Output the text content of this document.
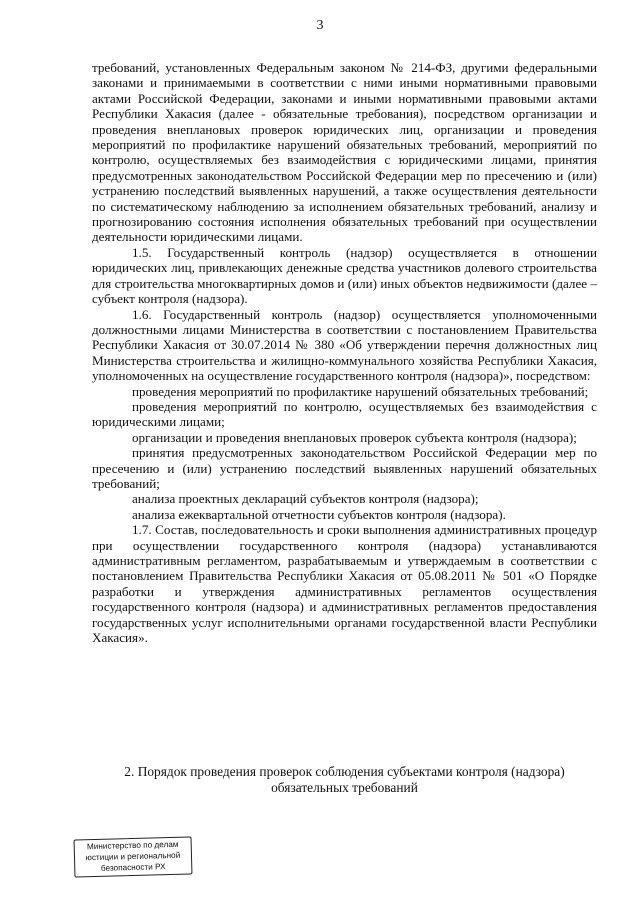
3

требований, установленных Федеральным законом № 214-ФЗ, другими федеральными законами и принимаемыми в соответствии с ними иными нормативными правовыми актами Российской Федерации, законами и иными нормативными правовыми актами Республики Хакасия (далее - обязательные требования), посредством организации и проведения внеплановых проверок юридических лиц, организации и проведения мероприятий по профилактике нарушений обязательных требований, мероприятий по контролю, осуществляемых без взаимодействия с юридическими лицами, принятия предусмотренных законодательством Российской Федерации мер по пресечению и (или) устранению последствий выявленных нарушений, а также осуществления деятельности по систематическому наблюдению за исполнением обязательных требований, анализу и прогнозированию состояния исполнения обязательных требований при осуществлении деятельности юридическими лицами.

1.5. Государственный контроль (надзор) осуществляется в отношении юридических лиц, привлекающих денежные средства участников долевого строительства для строительства многоквартирных домов и (или) иных объектов недвижимости (далее – субъект контроля (надзора).

1.6. Государственный контроль (надзор) осуществляется уполномоченными должностными лицами Министерства в соответствии с постановлением Правительства Республики Хакасия от 30.07.2014 № 380 «Об утверждении перечня должностных лиц Министерства строительства и жилищно-коммунального хозяйства Республики Хакасия, уполномоченных на осуществление государственного контроля (надзора)», посредством:

проведения мероприятий по профилактике нарушений обязательных требований;

проведения мероприятий по контролю, осуществляемых без взаимодействия с юридическими лицами;

организации и проведения внеплановых проверок субъекта контроля (надзора);

принятия предусмотренных законодательством Российской Федерации мер по пресечению и (или) устранению последствий выявленных нарушений обязательных требований;

анализа проектных деклараций субъектов контроля (надзора);

анализа ежеквартальной отчетности субъектов контроля (надзора).

1.7. Состав, последовательность и сроки выполнения административных процедур при осуществлении государственного контроля (надзора) устанавливаются административным регламентом, разрабатываемым и утверждаемым в соответствии с постановлением Правительства Республики Хакасия от 05.08.2011 № 501 «О Порядке разработки и утверждения административных регламентов осуществления государственного контроля (надзора) и административных регламентов предоставления государственных услуг исполнительными органами государственной власти Республики Хакасия».

2. Порядок проведения проверок соблюдения субъектами контроля (надзора)
обязательных требований
Министерство по делам
юстиции и региональной
безопасности РХ
